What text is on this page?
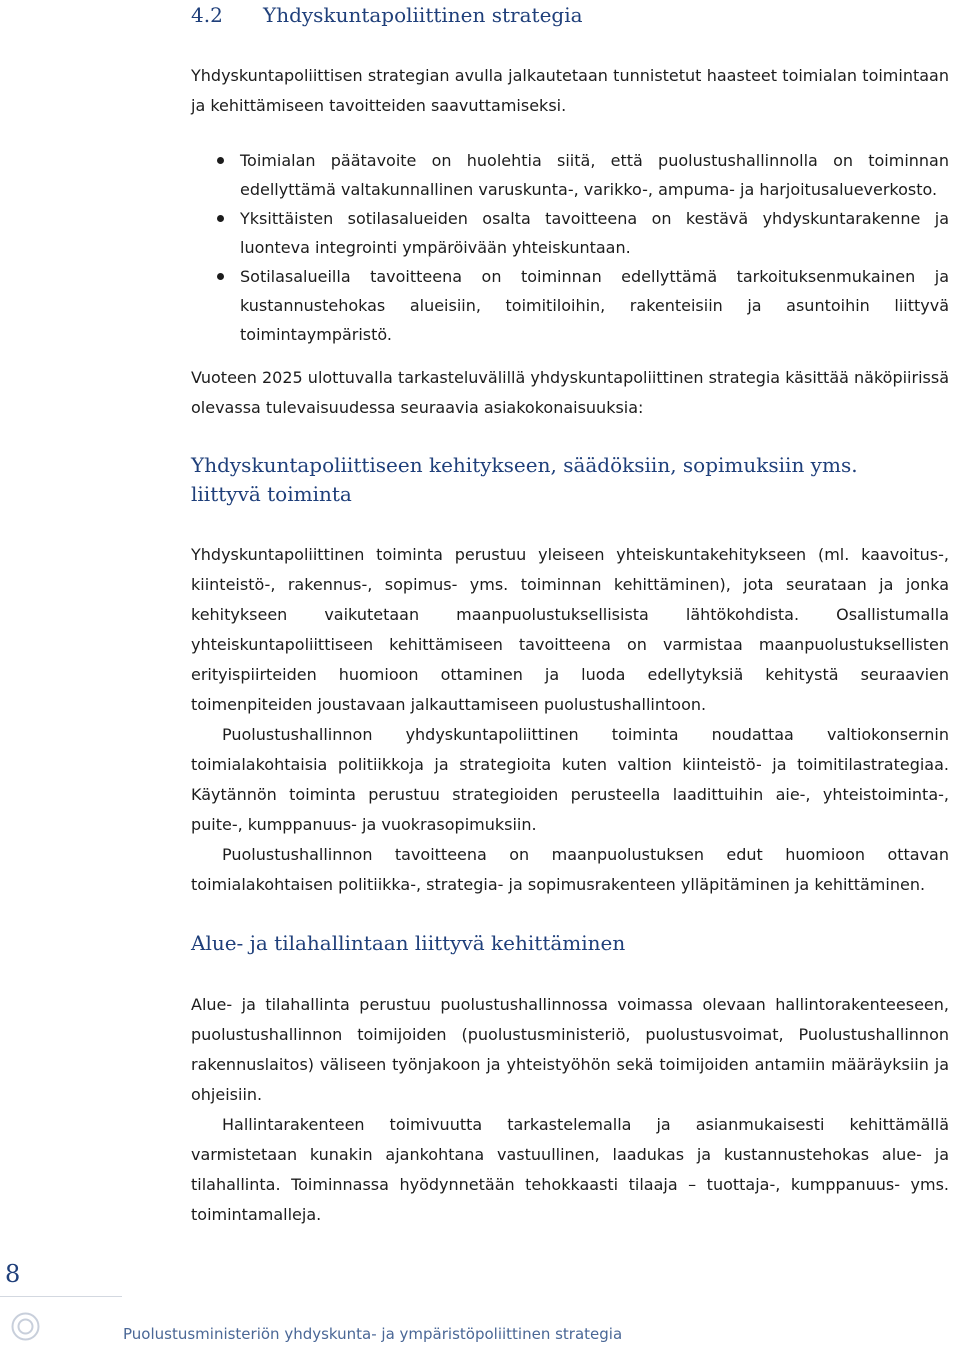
4.2 Yhdyskuntapoliittinen strategia

Yhdyskuntapoliittisen strategian avulla jalkautetaan tunnistetut haasteet toimialan toimintaan ja kehittämiseen tavoitteiden saavuttamiseksi.

Toimialan päätavoite on huolehtia siitä, että puolustushallinnolla on toiminnan edellyttämä valtakunnallinen varuskunta-, varikko-, ampuma- ja harjoitusalueverkosto.
Yksittäisten sotilasalueiden osalta tavoitteena on kestävä yhdyskuntarakenne ja luonteva integrointi ympäröivään yhteiskuntaan.
Sotilasalueilla tavoitteena on toiminnan edellyttämä tarkoituksenmukainen ja kustannustehokas alueisiin, toimitiloihin, rakenteisiin ja asuntoihin liittyvä toimintaympäristö.

Vuoteen 2025 ulottuvalla tarkasteluvälillä yhdyskuntapoliittinen strategia käsittää näköpiirissä olevassa tulevaisuudessa seuraavia asiakokonaisuuksia:

Yhdyskuntapoliittiseen kehitykseen, säädöksiin, sopimuksiin yms. liittyvä toiminta

Yhdyskuntapoliittinen toiminta perustuu yleiseen yhteiskuntakehitykseen (ml. kaavoitus-, kiinteistö-, rakennus-, sopimus- yms. toiminnan kehittäminen), jota seurataan ja jonka kehitykseen vaikutetaan maanpuolustuksellisista lähtökohdista. Osallistumalla yhteiskuntapoliittiseen kehittämiseen tavoitteena on varmistaa maanpuolustuksellisten erityispiirteiden huomioon ottaminen ja luoda edellytyksiä kehitystä seuraavien toimenpiteiden joustavaan jalkauttamiseen puolustushallintoon.

Puolustushallinnon yhdyskuntapoliittinen toiminta noudattaa valtiokonsernin toimialakohtaisia politiikkoja ja strategioita kuten valtion kiinteistö- ja toimitilastrategiaa. Käytännön toiminta perustuu strategioiden perusteella laadittuihin aie-, yhteistoiminta-, puite-, kumppanuus- ja vuokrasopimuksiin.

Puolustushallinnon tavoitteena on maanpuolustuksen edut huomioon ottavan toimialakohtaisen politiikka-, strategia- ja sopimusrakenteen ylläpitäminen ja kehittäminen.

Alue- ja tilahallintaan liittyvä kehittäminen

Alue- ja tilahallinta perustuu puolustushallinnossa voimassa olevaan hallintorakenteeseen, puolustushallinnon toimijoiden (puolustusministeriö, puolustusvoimat, Puolustushallinnon rakennuslaitos) väliseen työnjakoon ja yhteistyöhön sekä toimijoiden antamiin määräyksiin ja ohjeisiin.

Hallintarakenteen toimivuutta tarkastelemalla ja asianmukaisesti kehittämällä varmistetaan kunakin ajankohtana vastuullinen, laadukas ja kustannustehokas alue- ja tilahallinta. Toiminnassa hyödynnetään tehokkaasti tilaaja – tuottaja-, kumppanuus- yms. toimintamalleja.

8
Puolustusministeriön yhdyskunta- ja ympäristöpoliittinen strategia
